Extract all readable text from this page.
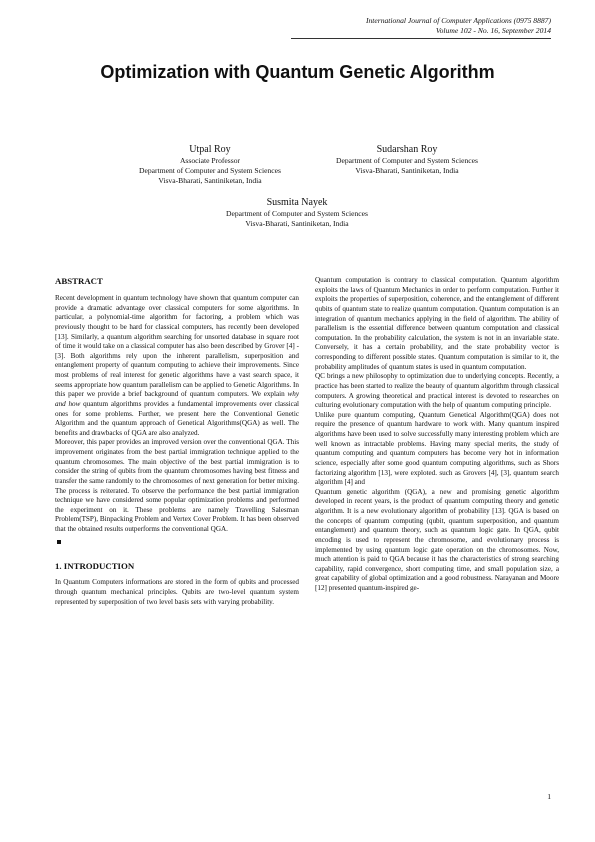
International Journal of Computer Applications (0975 8887)
Volume 102 - No. 16, September 2014
Optimization with Quantum Genetic Algorithm
Utpal Roy
Associate Professor
Department of Computer and System Sciences
Visva-Bharati, Santiniketan, India
Sudarshan Roy
Department of Computer and System Sciences
Visva-Bharati, Santiniketan, India
Susmita Nayek
Department of Computer and System Sciences
Visva-Bharati, Santiniketan, India
ABSTRACT

Recent development in quantum technology have shown that quantum computer can provide a dramatic advantage over classical computers for some algorithms. In particular, a polynomial-time algorithm for factoring, a problem which was previously thought to be hard for classical computers, has recently been developed [13]. Similarly, a quantum algorithm searching for unsorted database in square root of time it would take on a classical computer has also been described by Grover [4] - [3]. Both algorithms rely upon the inherent parallelism, superposition and entanglement property of quantum computing to achieve their improvements. Since most problems of real interest for genetic algorithms have a vast search space, it seems appropriate how quantum parallelism can be applied to Genetic Algorithms. In this paper we provide a brief background of quantum computers. We explain why and how quantum algorithms provides a fundamental improvements over classical ones for some problems. Further, we present here the Conventional Genetic Algorithm and the quantum approach of Genetical Algorithms(QGA) as well. The benefits and drawbacks of QGA are also analyzed.

Moreover, this paper provides an improved version over the conventional QGA. This improvement originates from the best partial immigration technique applied to the quantum chromosomes. The main objective of the best partial immigration is to consider the string of qubits from the quantum chromosomes having best fitness and transfer the same randomly to the chromosomes of next generation for better mixing. The process is reiterated. To observe the performance the best partial immigration technique we have considered some popular optimization problems and performed the experiment on it. These problems are namely Travelling Salesman Problem(TSP), Binpacking Problem and Vertex Cover Problem. It has been observed that the obtained results outperforms the conventional QGA.

1. INTRODUCTION

In Quantum Computers informations are stored in the form of qubits and processed through quantum mechanical principles. Qubits are two-level quantum system represented by superposition of two level basis sets with varying probability.

Quantum computation is contrary to classical computation. Quantum algorithm exploits the laws of Quantum Mechanics in order to perform computation. Further it exploits the properties of superposition, coherence, and the entanglement of different qubits of quantum state to realize quantum computation. Quantum computation is an integration of quantum mechanics applying in the field of algorithm. The ability of parallelism is the essential difference between quantum computation and classical computation. In the probability calculation, the system is not in an invariable state. Conversely, it has a certain probability, and the state probability vector is corresponding to different possible states. Quantum computation is similar to it, the probability amplitudes of quantum states is used in quantum computation.

QC brings a new philosophy to optimization due to underlying concepts. Recently, a practice has been started to realize the beauty of quantum algorithm through classical computers. A growing theoretical and practical interest is devoted to researches on culturing evolutionary computation with the help of quantum computing principle.

Unlike pure quantum computing, Quantum Genetical Algorithm(QGA) does not require the presence of quantum hardware to work with. Many quantum inspired algorithms have been used to solve successfully many interesting problem which are well known as intractable problems. Having many special merits, the study of quantum computing and quantum computers has become very hot in information science, especially after some good quantum computing algorithms, such as Shors factorizing algorithm [13], were exploted. such as Grovers [4], [3], quantum search algorithm [4] and

Quantum genetic algorithm (QGA), a new and promising genetic algorithm developed in recent years, is the product of quantum computing theory and genetic algorithm. It is a new evolutionary algorithm of probability [13]. QGA is based on the concepts of quantum computing (qubit, quantum superposition, and quantum entanglement) and quantum theory, such as quantum logic gate. In QGA, qubit encoding is used to represent the chromosome, and evolutionary process is implemented by using quantum logic gate operation on the chromosomes. Now, much attention is paid to QGA because it has the characteristics of strong searching capability, rapid convergence, short computing time, and small population size, a great capability of global optimization and a good robustness. Narayanan and Moore [12] presented quantum-inspired ge-

1
